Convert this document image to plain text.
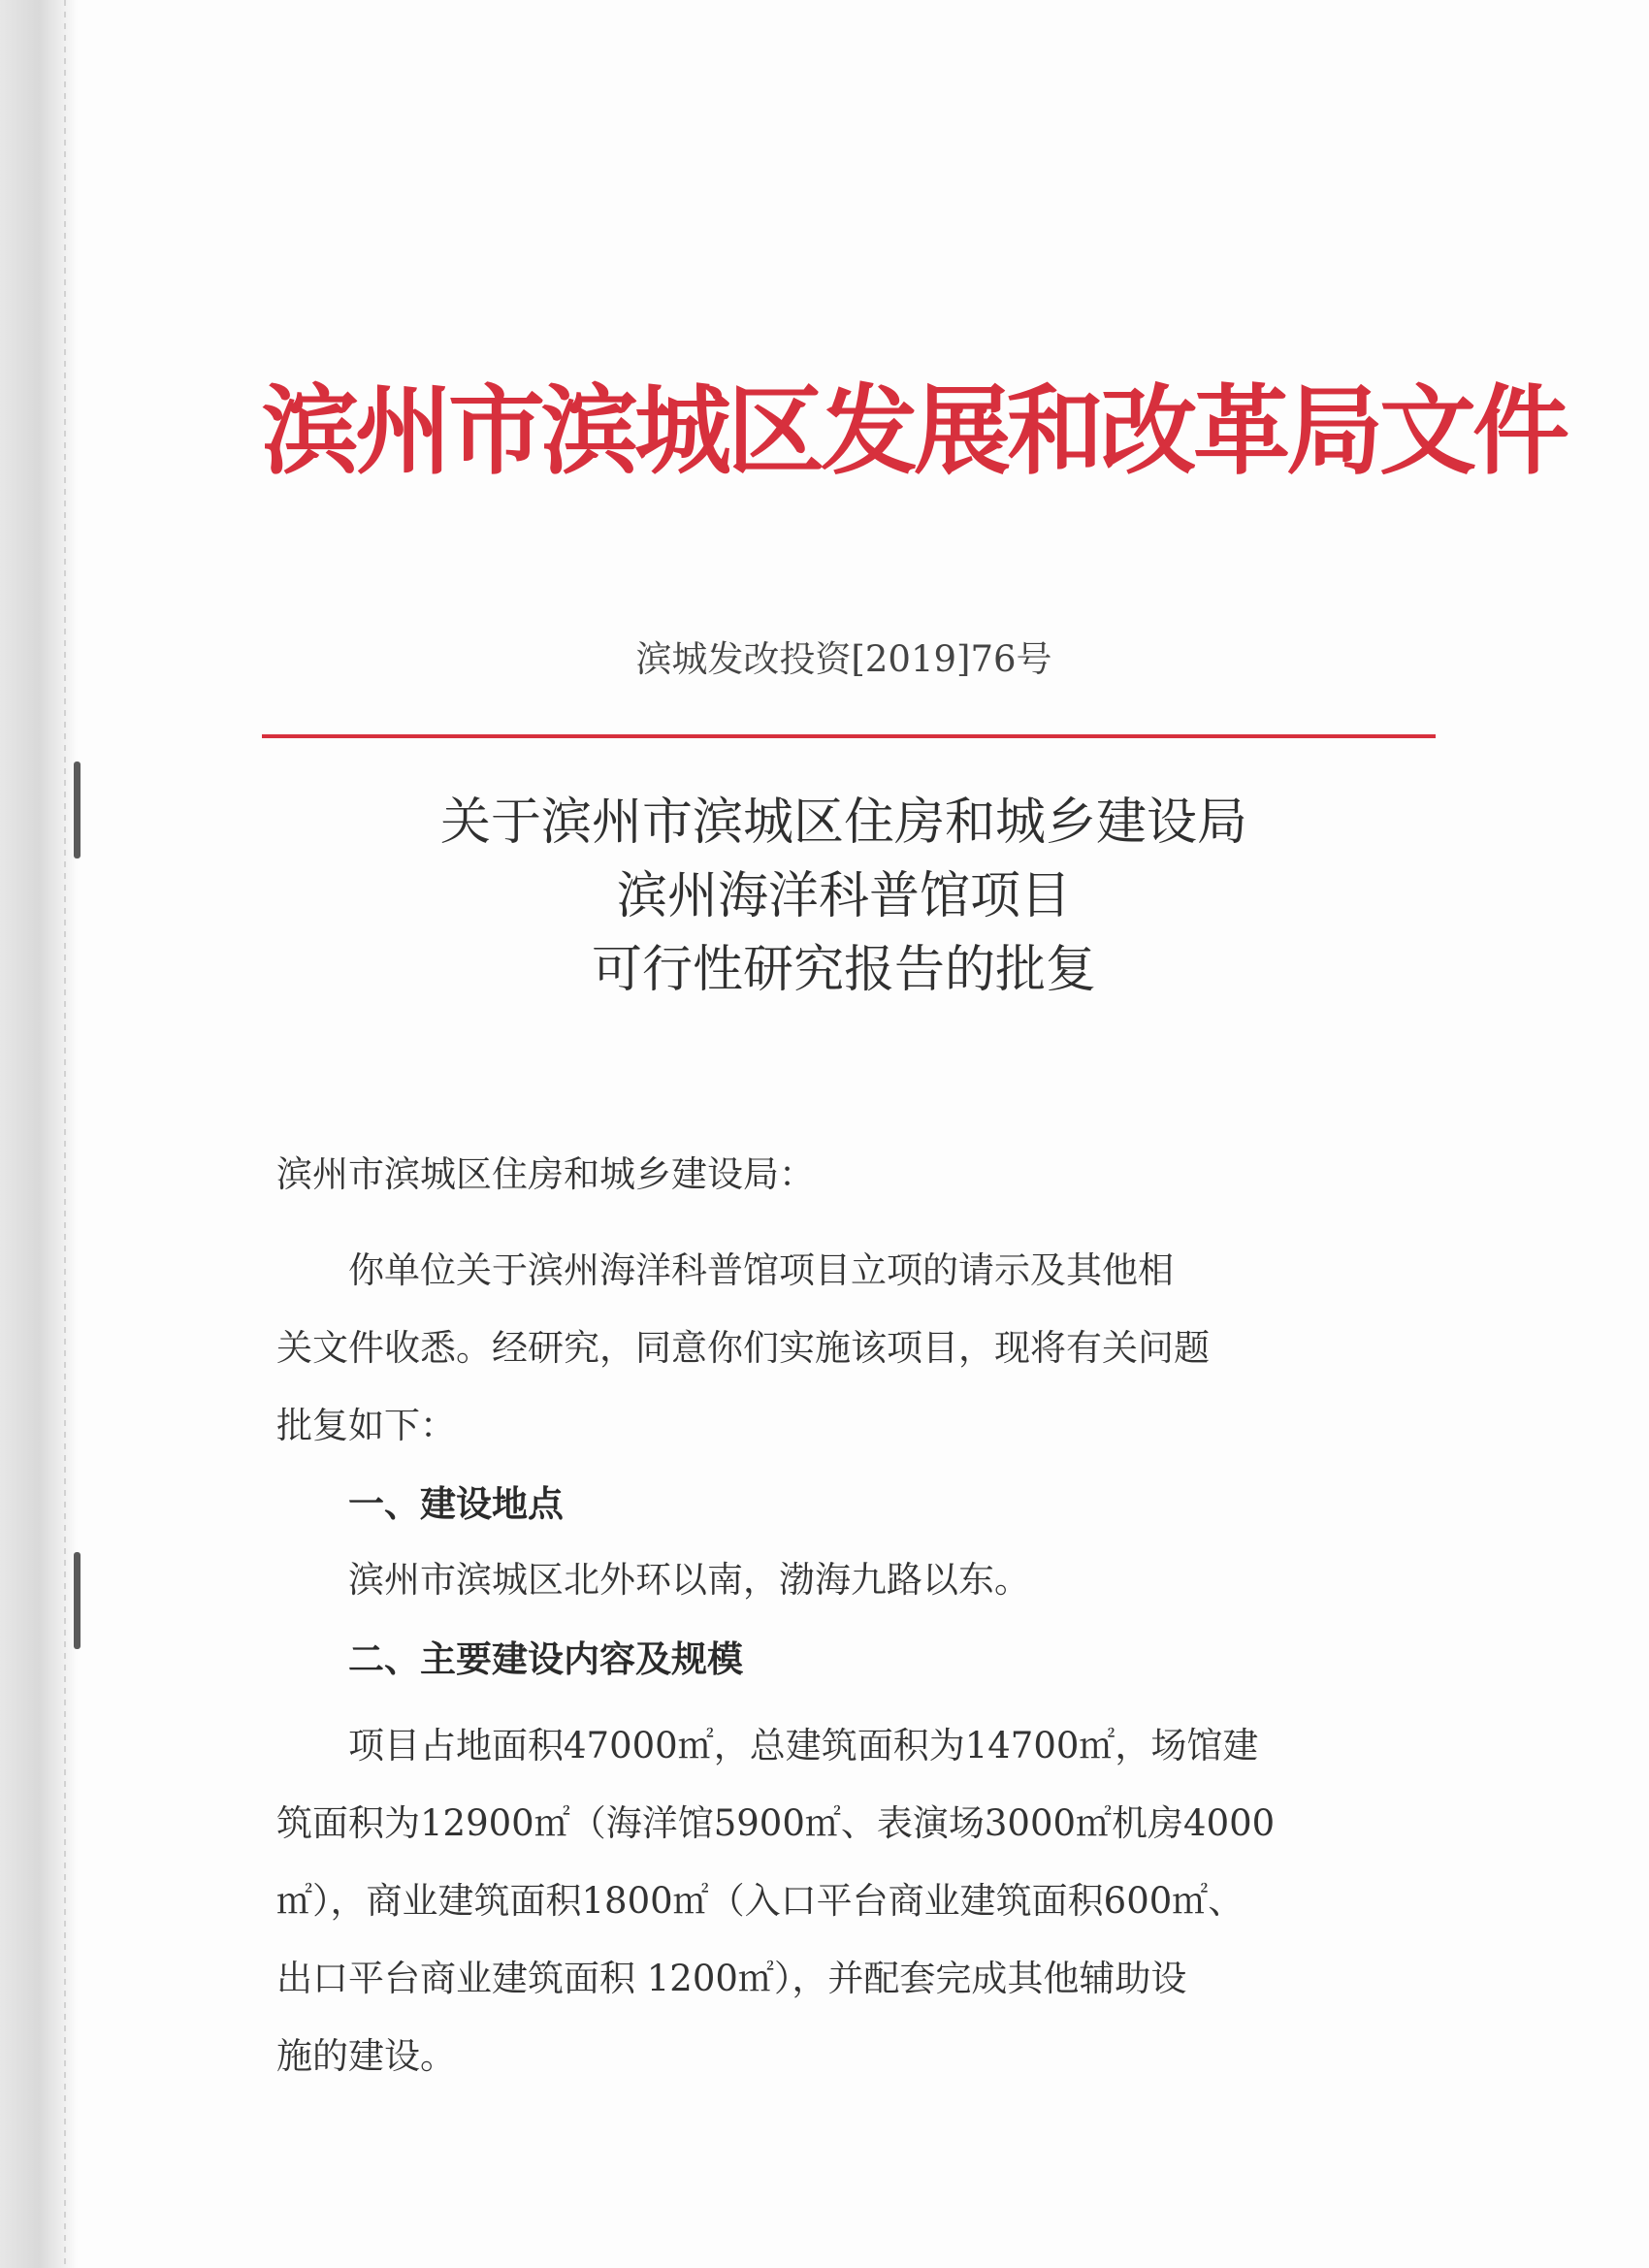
滨州市滨城区发展和改革局文件
滨城发改投资[2019]76号
关于滨州市滨城区住房和城乡建设局
滨州海洋科普馆项目
可行性研究报告的批复
滨州市滨城区住房和城乡建设局：
你单位关于滨州海洋科普馆项目立项的请示及其他相
关文件收悉。经研究，同意你们实施该项目，现将有关问题
批复如下：
一、建设地点
滨州市滨城区北外环以南，渤海九路以东。
二、主要建设内容及规模
项目占地面积47000㎡，总建筑面积为14700㎡，场馆建
筑面积为12900㎡（海洋馆5900㎡、表演场3000㎡机房4000
㎡），商业建筑面积1800㎡（入口平台商业建筑面积600㎡、
出口平台商业建筑面积 1200㎡），并配套完成其他辅助设
施的建设。
